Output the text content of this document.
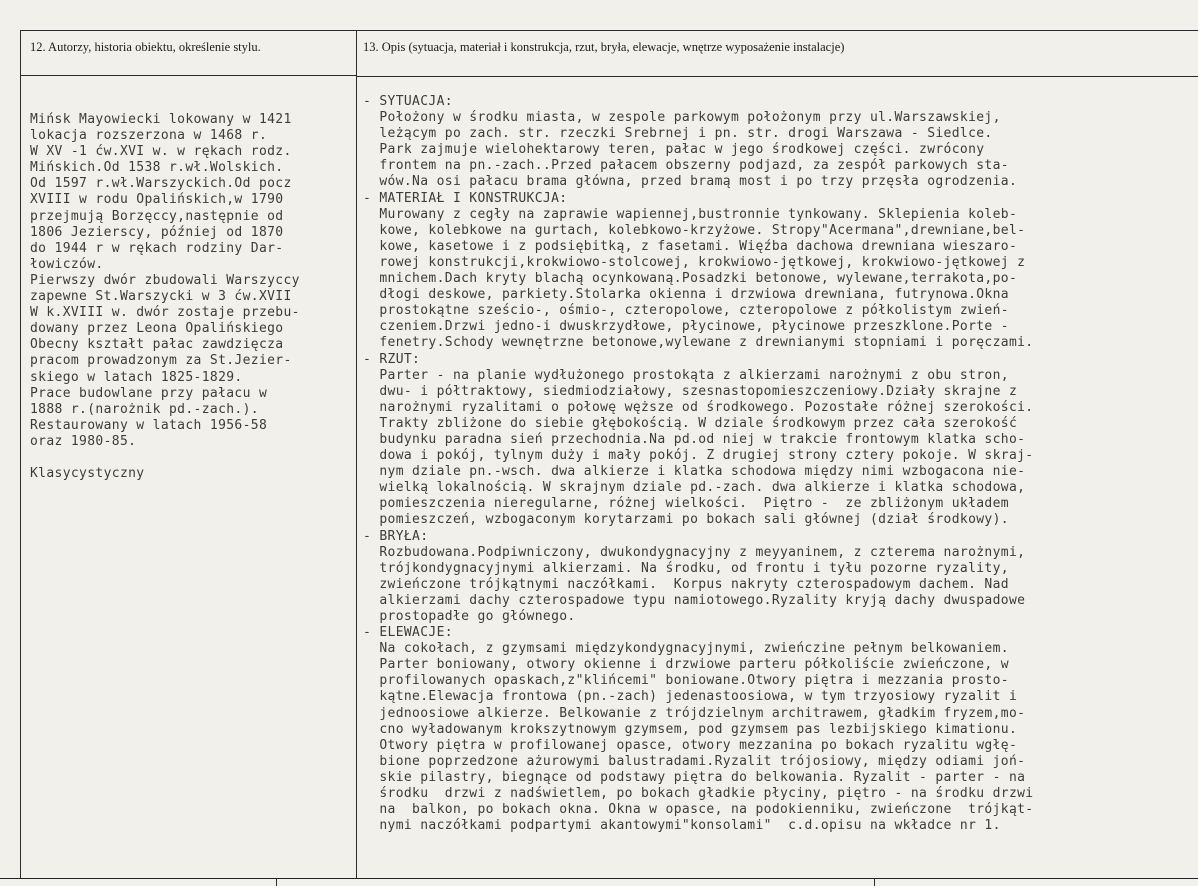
12. Autorzy, historia obiektu, określenie stylu.	13. Opis (sytuacja, materiał i konstrukcja, rzut, bryła, elewacje, wnętrze wyposażenie instalacje)
Mińsk Mayowiecki lokowany w 1421
lokacja rozszerzona w 1468 r.
W XV -1 ćw.XVI w. w rękach rodz.
Mińskich.Od 1538 r.wł.Wolskich.
Od 1597 r.wł.Warszyckich.Od pocz
XVIII w rodu Opalińskich,w 1790
przejmują Borzęccy,następnie od
1806 Jezierscy, później od 1870
do 1944 r w rękach rodziny Dar-
łowiczów.
Pierwszy dwór zbudowali Warszyccy
zapewne St.Warszycki w 3 ćw.XVII
W k.XVIII w. dwór zostaje przebu-
dowany przez Leona Opalińskiego
Obecny kształt pałac zawdzięcza
pracom prowadzonym za St.Jezier-
skiego w latach 1825-1829.
Prace budowlane przy pałacu w
1888 r.(narożnik pd.-zach.).
Restaurowany w latach 1956-58
oraz 1980-85.

Klasycystyczny
- SYTUACJA:
Położony w środku miasta, w zespole parkowym położonym przy ul.Warszawskiej,
leżącym po zach. str. rzeczki Srebrnej i pn. str. drogi Warszawa - Siedlce.
Park zajmuje wielohektarowy teren, pałac w jego środkowej części. zwrócony
frontem na pn.-zach..Przed pałacem obszerny podjazd, za zespół parkowych sta-
wów.Na osi pałacu brama główna, przed bramą most i po trzy przęsła ogrodzenia.
- MATERIAŁ I KONSTRUKCJA:
Murowany z cegły na zaprawie wapiennej,bustronnie tynkowany. Sklepienia koleb-
kowe, kolebkowe na gurtach, kolebkowo-krzyżowe. Stropy"Acermana",drewniane,bel-
kowe, kasetowe i z podsiębitką, z fasetami. Więźba dachowa drewniana wieszaro-
rowej konstrukcji,krokwiowo-stolcowej, krokwiowo-jętkowej, krokwiowo-jętkowej z
mnichem.Dach kryty blachą ocynkowaną.Posadzki betonowe, wylewane,terrakota,po-
dłogi deskowe, parkiety.Stolarka okienna i drzwiowa drewniana, futrynowa.Okna
prostokątne sześcio-, ośmio-, czteropolowe, czteropolowe z półkolistym zwień-
czeniem.Drzwi jedno-i dwuskrzydłowe, płycinowe, płycinowe przeszklone.Porte -
fenetry.Schody wewnętrzne betonowe,wylewane z drewnianymi stopniami i poręczami.
- RZUT:
Parter - na planie wydłużonego prostokąta z alkierzami narożnymi z obu stron,
dwu- i półtraktowy, siedmiodziałowy, szesnastopomieszczeniowy.Działy skrajne z
narożnymi ryzalitami o połowę węższe od środkowego. Pozostałe różnej szerokości.
Trakty zbliżone do siebie głębokością. W dziale środkowym przez cała szerokość
budynku paradna sień przechodnia.Na pd.od niej w trakcie frontowym klatka scho-
dowa i pokój, tylnym duży i mały pokój. Z drugiej strony cztery pokoje. W skraj-
nym dziale pn.-wsch. dwa alkierze i klatka schodowa między nimi wzbogacona nie-
wielką lokalnością. W skrajnym dziale pd.-zach. dwa alkierze i klatka schodowa,
pomieszczenia nieregularne, różnej wielkości.  Piętro -  ze zbliżonym układem
pomieszczeń, wzbogaconym korytarzami po bokach sali głównej (dział środkowy).
- BRYŁA:
Rozbudowana.Podpiwniczony, dwukondygnacyjny z meyyaninem, z czterema narożnymi,
trójkondygnacyjnymi alkierzami. Na środku, od frontu i tyłu pozorne ryzality,
zwieńczone trójkątnymi naczółkami.  Korpus nakryty czterospadowym dachem. Nad
alkierzami dachy czterospadowe typu namiotowego.Ryzality kryją dachy dwuspadowe
prostopadłe go głównego.
- ELEWACJE:
Na cokołach, z gzymsami międzykondygnacyjnymi, zwieńczine pełnym belkowaniem.
Parter boniowany, otwory okienne i drzwiowe parteru półkoliście zwieńczone, w
profilowanych opaskach,z"klińcemi" boniowane.Otwory piętra i mezzania prosto-
kątne.Elewacja frontowa (pn.-zach) jedenastoosiowa, w tym trzyosiowy ryzalit i
jednoosiowe alkierze. Belkowanie z trójdzielnym architrawem, gładkim fryzem,mo-
cno wyładowanym krokszytnowym gzymsem, pod gzymsem pas lezbijskiego kimationu.
Otwory piętra w profilowanej opasce, otwory mezzanina po bokach ryzalitu wgłę-
bione poprzedzone ażurowymi balustradami.Ryzalit trójosiowy, między odiami joń-
skie pilastry, biegnące od podstawy piętra do belkowania. Ryzalit - parter - na
środku  drzwi z nadświetlem, po bokach gładkie płyciny, piętro - na środku drzwi
na  balkon, po bokach okna. Okna w opasce, na podokienniku, zwieńczone  trójkąt-
nymi naczółkami podpartymi akantowymi"konsolami"  c.d.opisu na wkładce nr 1.
